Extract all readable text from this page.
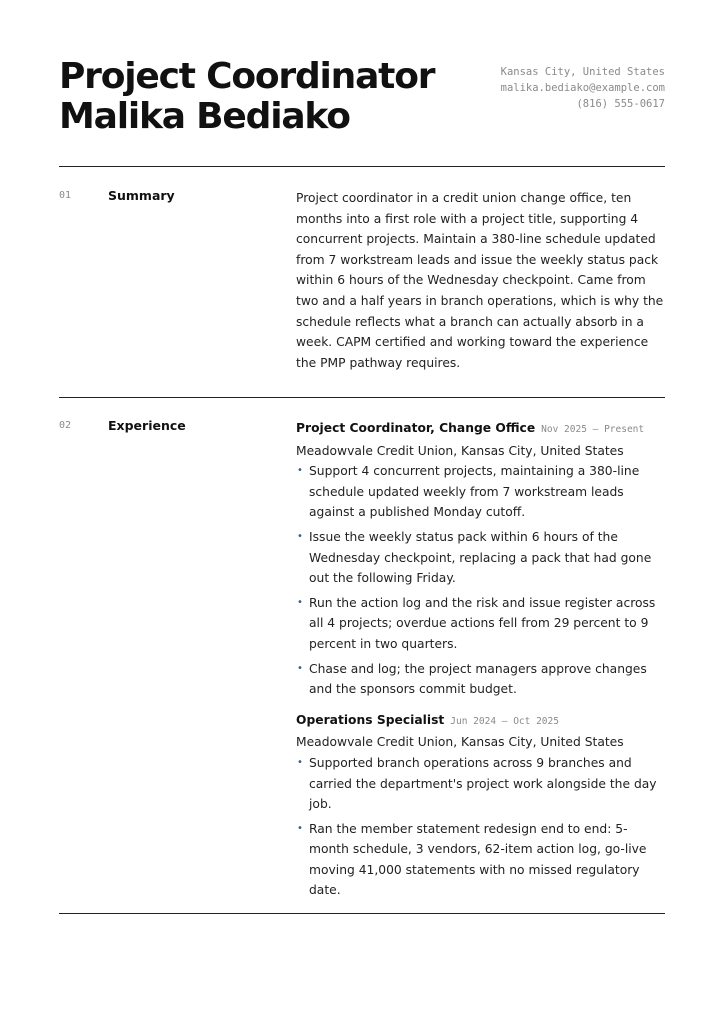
Project Coordinator
Malika Bediako
Kansas City, United States
malika.bediako@example.com
(816) 555-0617
01	Summary	Project coordinator in a credit union change office, ten months into a first role with a project title, supporting 4 concurrent projects. Maintain a 380-line schedule updated from 7 workstream leads and issue the weekly status pack within 6 hours of the Wednesday checkpoint. Came from two and a half years in branch operations, which is why the schedule reflects what a branch can actually absorb in a week. CAPM certified and working toward the experience the PMP pathway requires.

02	Experience	Project Coordinator, Change Office Nov 2025 — Present

Meadowvale Credit Union, Kansas City, United States

• Support 4 concurrent projects, maintaining a 380-line schedule updated weekly from 7 workstream leads against a published Monday cutoff.
• Issue the weekly status pack within 6 hours of the Wednesday checkpoint, replacing a pack that had gone out the following Friday.
• Run the action log and the risk and issue register across all 4 projects; overdue actions fell from 29 percent to 9 percent in two quarters.
• Chase and log; the project managers approve changes and the sponsors commit budget.
Operations Specialist Jun 2024 — Oct 2025

Meadowvale Credit Union, Kansas City, United States

• Supported branch operations across 9 branches and carried the department's project work alongside the day job.
• Ran the member statement redesign end to end: 5-month schedule, 3 vendors, 62-item action log, go-live moving 41,000 statements with no missed regulatory date.
